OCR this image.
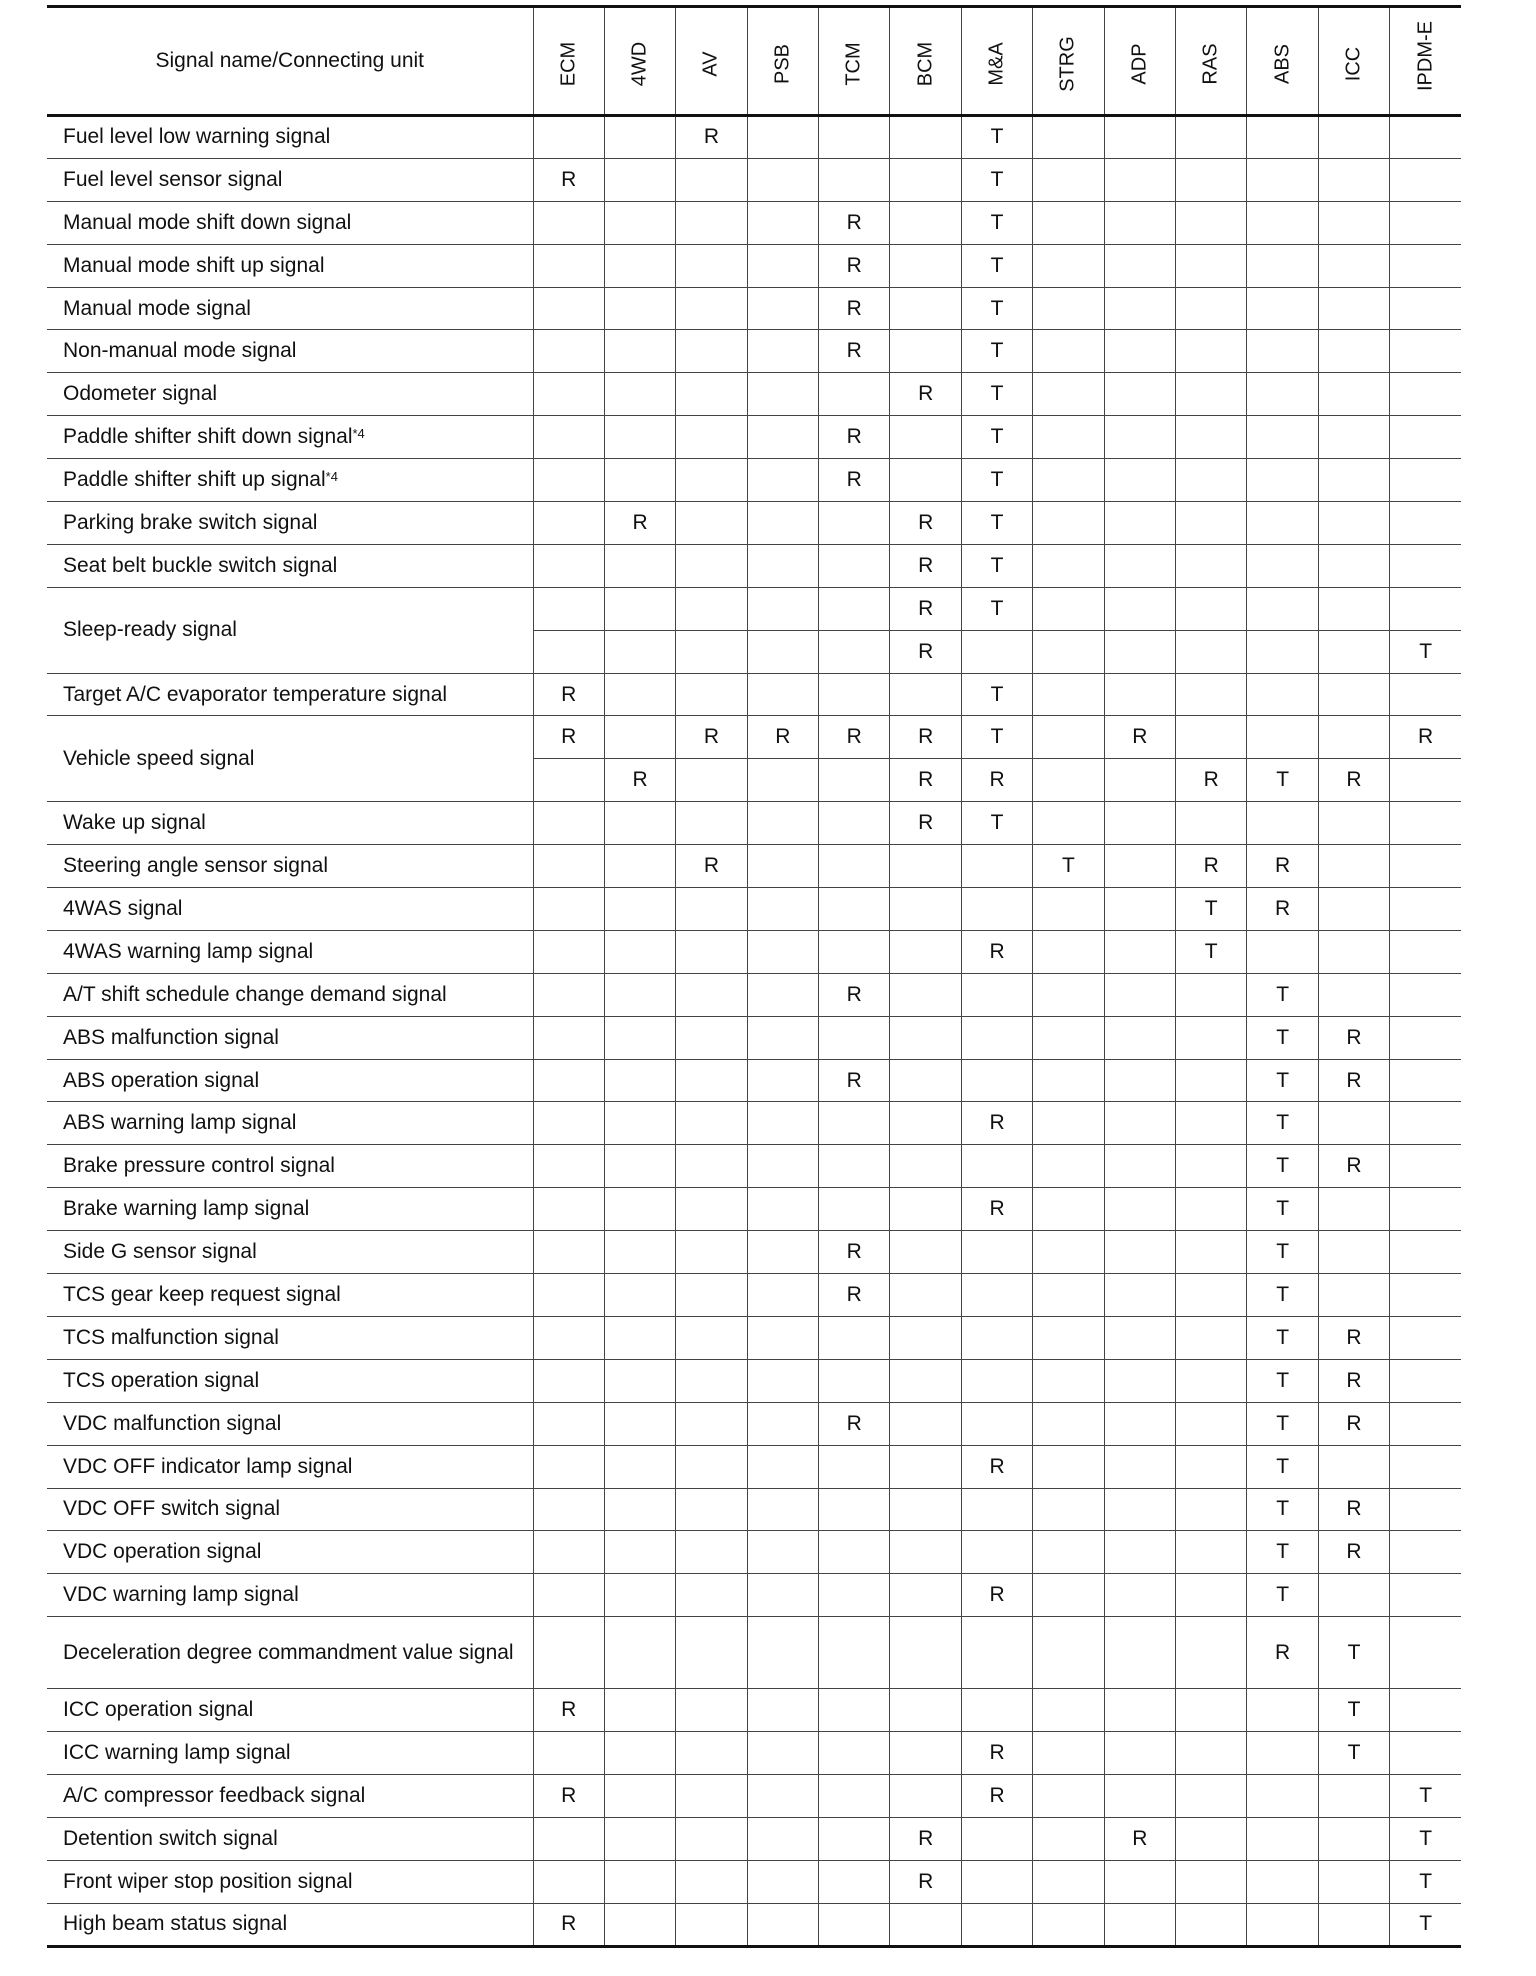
Signal name/Connecting unit	ECM	4WD	AV	PSB	TCM	BCM	M&A	STRG	ADP	RAS	ABS	ICC	IPDM-E

Fuel level low warning signal			R				T						
Fuel level sensor signal	R						T						
Manual mode shift down signal					R		T						
Manual mode shift up signal					R		T						
Manual mode signal					R		T						
Non-manual mode signal					R		T						
Odometer signal						R	T						
Paddle shifter shift down signal$^{*4}$					R		T						
Paddle shifter shift up signal$^{*4}$					R		T						
Parking brake switch signal		R				R	T						
Seat belt buckle switch signal						R	T						
Sleep-ready signal						R	T						
						R							T
Target A/C evaporator temperature signal	R						T						
Vehicle speed signal	R		R	R	R	R	T		R				R
		R				R	R			R	T	R	
Wake up signal						R	T						
Steering angle sensor signal			R					T		R	R		
4WAS signal										T	R		
4WAS warning lamp signal							R			T			
A/T shift schedule change demand signal					R						T		
ABS malfunction signal											T	R	
ABS operation signal					R						T	R	
ABS warning lamp signal							R				T		
Brake pressure control signal											T	R	
Brake warning lamp signal							R				T		
Side G sensor signal					R						T		
TCS gear keep request signal					R						T		
TCS malfunction signal											T	R	
TCS operation signal											T	R	
VDC malfunction signal					R						T	R	
VDC OFF indicator lamp signal							R				T		
VDC OFF switch signal											T	R	
VDC operation signal											T	R	
VDC warning lamp signal							R				T		
Deceleration degree commandment value signal											R	T	
ICC operation signal	R											T	
ICC warning lamp signal							R					T	
A/C compressor feedback signal	R						R						T
Detention switch signal						R			R				T
Front wiper stop position signal						R							T
High beam status signal	R												T
